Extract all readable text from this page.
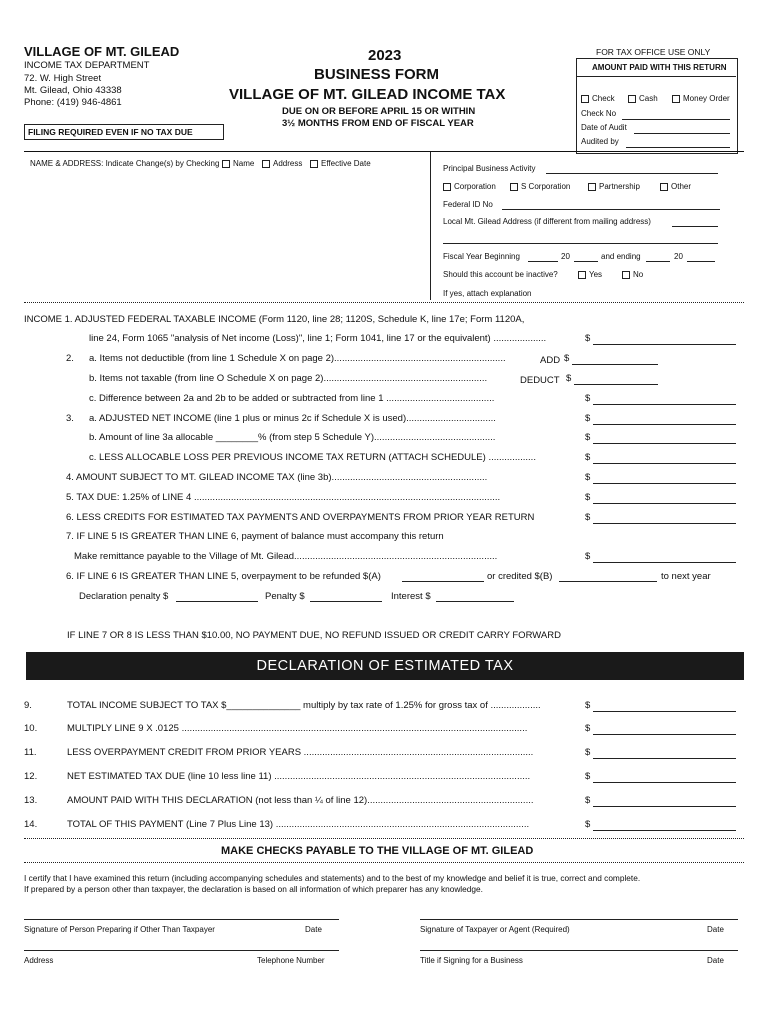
VILLAGE OF MT. GILEAD
INCOME TAX DEPARTMENT
72. W. High Street
Mt. Gilead, Ohio 43338
Phone: (419) 946-4861
FILING REQUIRED EVEN IF NO TAX DUE
2023
BUSINESS FORM
VILLAGE OF MT. GILEAD INCOME TAX
DUE ON OR BEFORE APRIL 15 OR WITHIN
3½ MONTHS FROM END OF FISCAL YEAR
FOR TAX OFFICE USE ONLY
AMOUNT PAID WITH THIS RETURN
Check	Cash	Money Order
Check No
Date of Audit
Audited by
NAME & ADDRESS: Indicate Change(s) by Checking	Name	Address	Effective Date
Principal Business Activity
Corporation	S Corporation	Partnership	Other
Federal ID No
Local Mt. Gilead Address (if different from mailing address)
Fiscal Year Beginning	20	and ending	20
Should this account be inactive?	Yes	No
If yes, attach explanation
INCOME 1. ADJUSTED FEDERAL TAXABLE INCOME (Form 1120, line 28; 1120S, Schedule K, line 17e; Form 1120A,
line 24, Form 1065 "analysis of Net income (Loss)", line 1; Form 1041, line 17 or the equivalent) ....................	$
2. a. Items not deductible (from line 1 Schedule X on page 2).................................................................	ADD $
b. Items not taxable (from line O Schedule X on page 2)..............................................................	DEDUCT $
c. Difference between 2a and 2b to be added or subtracted from line 1 .........................................	$
3. a. ADJUSTED NET INCOME (line 1 plus or minus 2c if Schedule X is used)..................................	$
b. Amount of line 3a allocable ________% (from step 5 Schedule Y)..............................................	$
c. LESS ALLOCABLE LOSS PER PREVIOUS INCOME TAX RETURN (ATTACH SCHEDULE) ..................	$
4. AMOUNT SUBJECT TO MT. GILEAD INCOME TAX (line 3b)...........................................................	$
5. TAX DUE: 1.25% of LINE 4 ....................................................................................................................	$
6. LESS CREDITS FOR ESTIMATED TAX PAYMENTS AND OVERPAYMENTS FROM PRIOR YEAR RETURN	$
7. IF LINE 5 IS GREATER THAN LINE 6, payment of balance must accompany this return
Make remittance payable to the Village of Mt. Gilead.............................................................................	$
6. IF LINE 6 IS GREATER THAN LINE 5, overpayment to be refunded $(A)	or credited $(B)	to next year
Declaration penalty $	Penalty $	Interest $
IF LINE 7 OR 8 IS LESS THAN $10.00, NO PAYMENT DUE, NO REFUND ISSUED OR CREDIT CARRY FORWARD
DECLARATION OF ESTIMATED TAX
9.	TOTAL INCOME SUBJECT TO TAX $______________ multiply by tax rate of 1.25% for gross tax of ...................	$
10.	MULTIPLY LINE 9 X .0125 ...................................................................................................................................	$
11.	LESS OVERPAYMENT CREDIT FROM PRIOR YEARS .......................................................................................	$
12.	NET ESTIMATED TAX DUE (line 10 less line 11) .................................................................................................	$
13.	AMOUNT PAID WITH THIS DECLARATION (not less than ¼ of line 12)...............................................................	$
14.	TOTAL OF THIS PAYMENT (Line 7 Plus Line 13) ................................................................................................	$
MAKE CHECKS PAYABLE TO THE VILLAGE OF MT. GILEAD
I certify that I have examined this return (including accompanying schedules and statements) and to the best of my knowledge and belief it is true, correct and complete.
If prepared by a person other than taxpayer, the declaration is based on all information of which preparer has any knowledge.
Signature of Person Preparing if Other Than Taxpayer	Date	Signature of Taxpayer or Agent (Required)	Date
Address	Telephone Number	Title if Signing for a Business	Date
